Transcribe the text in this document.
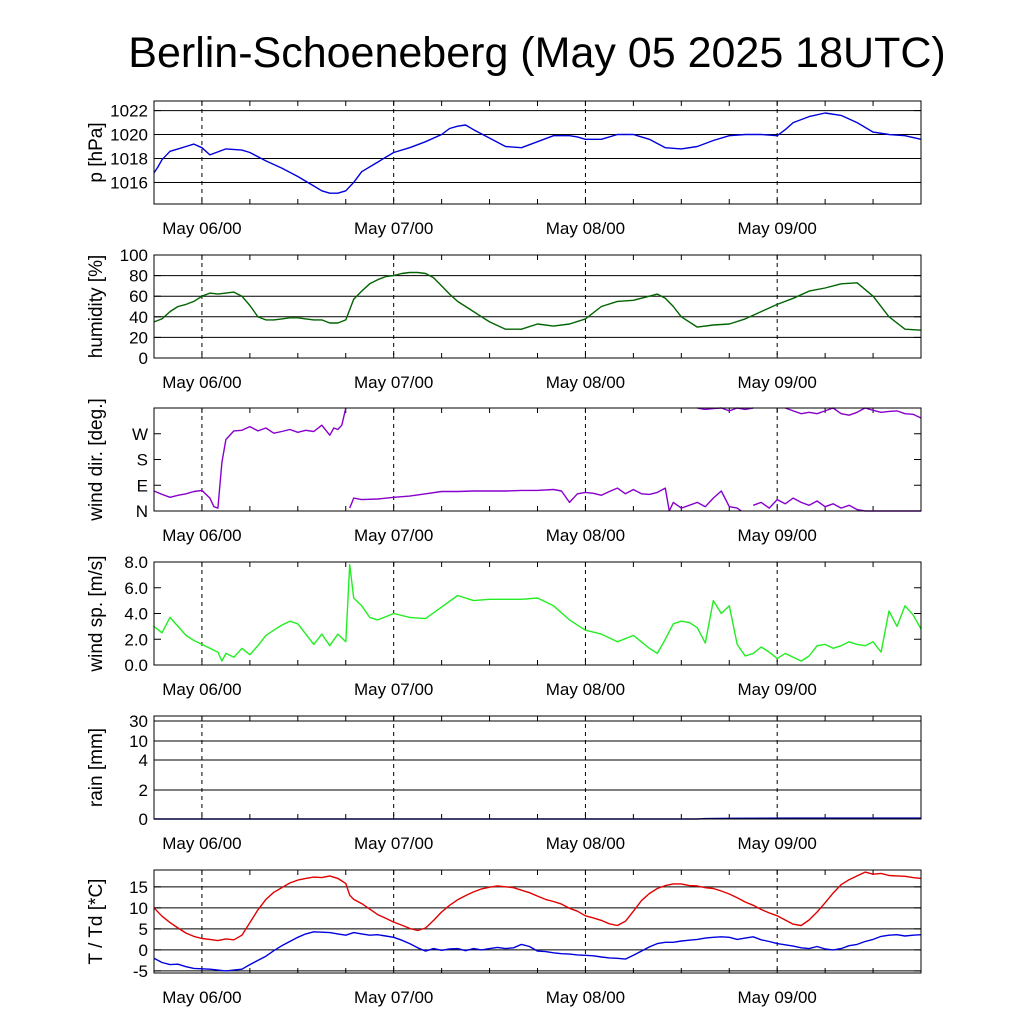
Berlin-Schoeneberg (May 05 2025 18UTC)
1016
1018
1020
1022
May 06/00	May 07/00	May 08/00	May 09/00
p [hPa]
0
20
40
60
80
100
May 06/00	May 07/00	May 08/00	May 09/00
humidity [%]
N
E
S
W
May 06/00	May 07/00	May 08/00	May 09/00
wind dir. [deg.]
0.0
2.0
4.0
6.0
8.0
May 06/00	May 07/00	May 08/00	May 09/00
wind sp. [m/s]
0
2
4
10
30
May 06/00	May 07/00	May 08/00	May 09/00
rain [mm]
-5
0
5
10
15
May 06/00	May 07/00	May 08/00	May 09/00
T / Td [*C]
